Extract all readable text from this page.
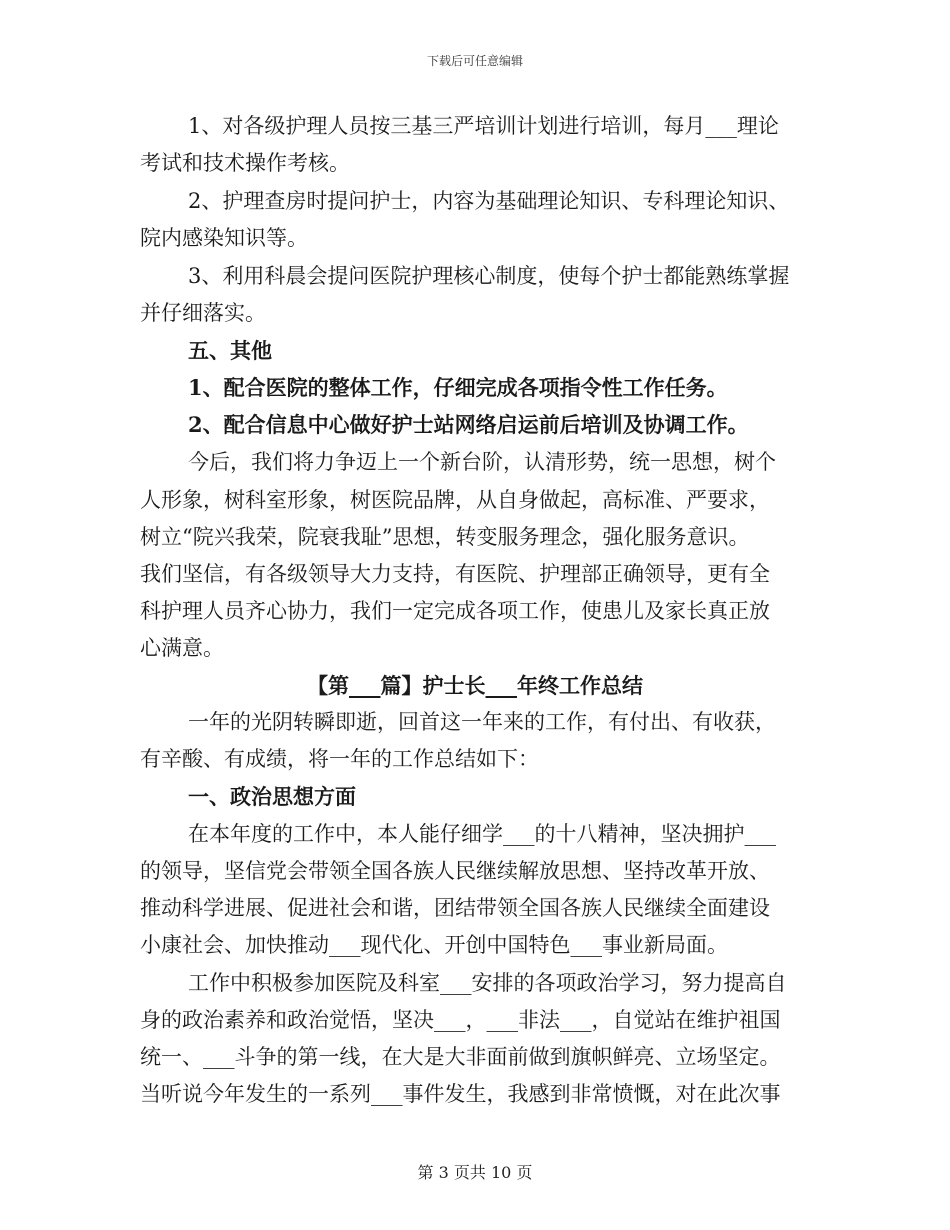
下载后可任意编辑
1、对各级护理人员按三基三严培训计划进行培训，每月___理论
考试和技术操作考核。
2、护理查房时提问护士，内容为基础理论知识、专科理论知识、
院内感染知识等。
3、利用科晨会提问医院护理核心制度，使每个护士都能熟练掌握
并仔细落实。
五、其他
1、配合医院的整体工作，仔细完成各项指令性工作任务。
2、配合信息中心做好护士站网络启运前后培训及协调工作。
今后，我们将力争迈上一个新台阶，认清形势，统一思想，树个
人形象，树科室形象，树医院品牌，从自身做起，高标准、严要求，
树立“院兴我荣，院衰我耻”思想，转变服务理念，强化服务意识。
我们坚信，有各级领导大力支持，有医院、护理部正确领导，更有全
科护理人员齐心协力，我们一定完成各项工作，使患儿及家长真正放
心满意。
【第___篇】护士长___年终工作总结
一年的光阴转瞬即逝，回首这一年来的工作，有付出、有收获，
有辛酸、有成绩，将一年的工作总结如下：
一、政治思想方面
在本年度的工作中，本人能仔细学___的十八精神，坚决拥护___
的领导，坚信党会带领全国各族人民继续解放思想、坚持改革开放、
推动科学进展、促进社会和谐，团结带领全国各族人民继续全面建设
小康社会、加快推动___现代化、开创中国特色___事业新局面。
工作中积极参加医院及科室___安排的各项政治学习，努力提高自
身的政治素养和政治觉悟，坚决___，___非法___，自觉站在维护祖国
统一、___斗争的第一线，在大是大非面前做到旗帜鲜亮、立场坚定。
当听说今年发生的一系列___事件发生，我感到非常愤慨，对在此次事
第 3 页共 10 页
